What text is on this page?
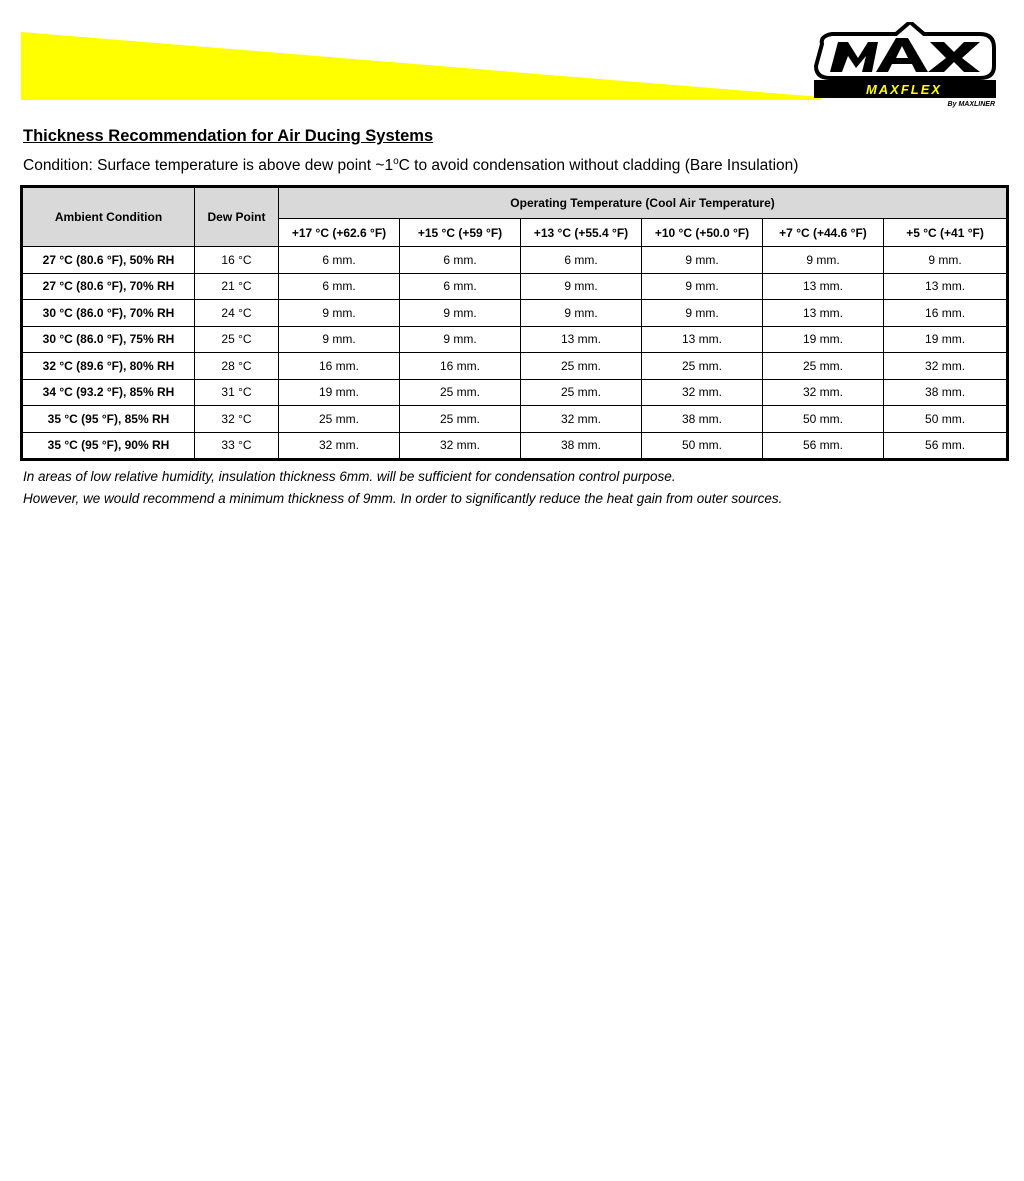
MAXFLEX
By MAXLINER
Thickness Recommendation for Air Ducing Systems
Condition: Surface temperature is above dew point ~1$^o$C to avoid condensation without cladding (Bare Insulation)
Ambient Condition	Dew Point	Operating Temperature (Cool Air Temperature)					
		+17 °C (+62.6 °F)	+15 °C (+59 °F)	+13 °C (+55.4 °F)	+10 °C (+50.0 °F)	+7 °C (+44.6 °F)	+5 °C (+41 °F)
27 °C (80.6 °F), 50% RH	16 °C	6 mm.	6 mm.	6 mm.	9 mm.	9 mm.	9 mm.
27 °C (80.6 °F), 70% RH	21 °C	6 mm.	6 mm.	9 mm.	9 mm.	13 mm.	13 mm.
30 °C (86.0 °F), 70% RH	24 °C	9 mm.	9 mm.	9 mm.	9 mm.	13 mm.	16 mm.
30 °C (86.0 °F), 75% RH	25 °C	9 mm.	9 mm.	13 mm.	13 mm.	19 mm.	19 mm.
32 °C (89.6 °F), 80% RH	28 °C	16 mm.	16 mm.	25 mm.	25 mm.	25 mm.	32 mm.
34 °C (93.2 °F), 85% RH	31 °C	19 mm.	25 mm.	25 mm.	32 mm.	32 mm.	38 mm.
35 °C (95 °F), 85% RH	32 °C	25 mm.	25 mm.	32 mm.	38 mm.	50 mm.	50 mm.
35 °C (95 °F), 90% RH	33 °C	32 mm.	32 mm.	38 mm.	50 mm.	56 mm.	56 mm.

In areas of low relative humidity, insulation thickness 6mm. will be sufficient for condensation control purpose.

However, we would recommend a minimum thickness of 9mm. In order to significantly reduce the heat gain from outer sources.
